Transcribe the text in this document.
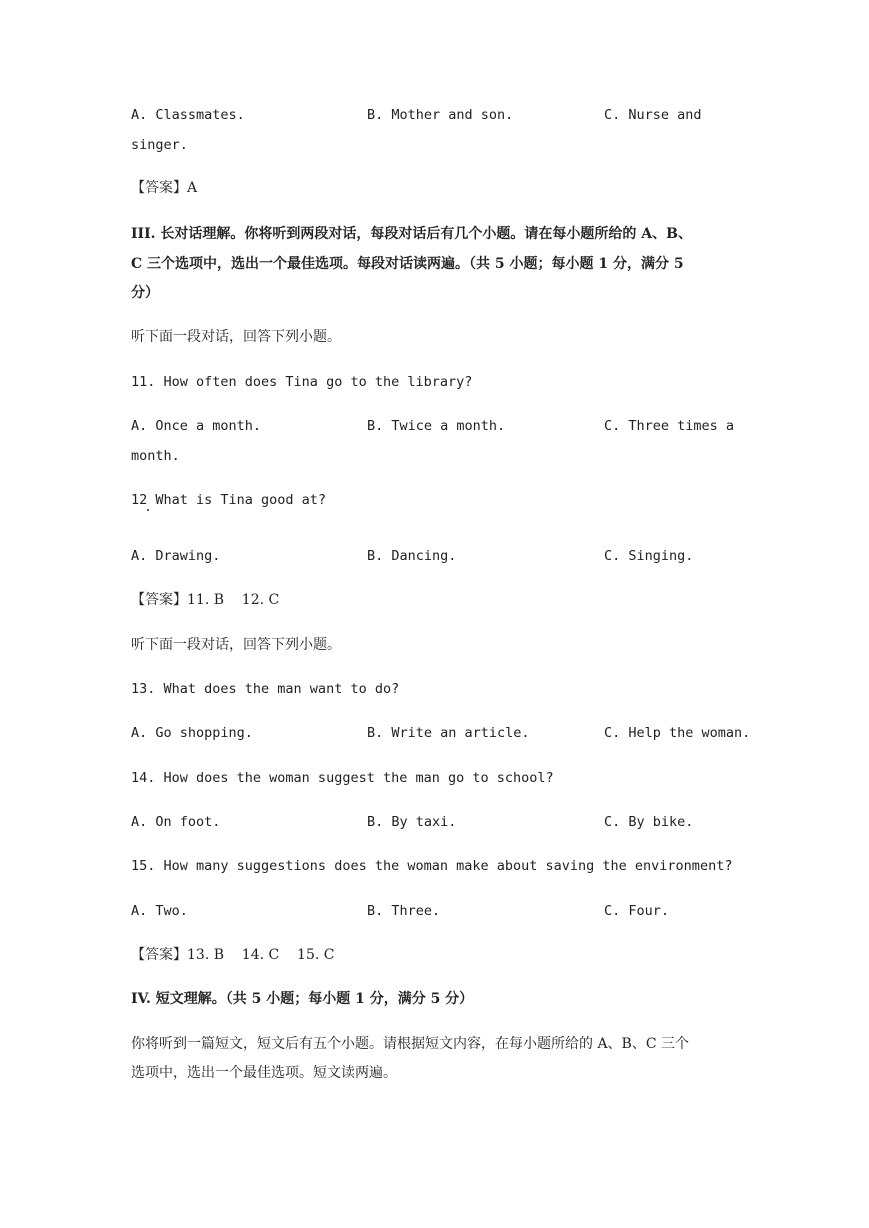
A. Classmates.	B. Mother and son.	C. Nurse and
singer.
【答案】A
III. 长对话理解。你将听到两段对话，每段对话后有几个小题。请在每小题所给的 A、B、
C 三个选项中，选出一个最佳选项。每段对话读两遍。（共 5 小题；每小题 1 分，满分 5
分）
听下面一段对话，回答下列小题。
11. How often does Tina go to the library?
A. Once a month.	B. Twice a month.	C. Three times a
month.
12 What is Tina good at?
A. Drawing.	B. Dancing.	C. Singing.
【答案】11. B    12. C
听下面一段对话，回答下列小题。
13. What does the man want to do?
A. Go shopping.	B. Write an article.	C. Help the woman.
14. How does the woman suggest the man go to school?
A. On foot.	B. By taxi.	C. By bike.
15. How many suggestions does the woman make about saving the environment?
A. Two.	B. Three.	C. Four.
【答案】13. B    14. C    15. C
IV. 短文理解。（共 5 小题；每小题 1 分，满分 5 分）
你将听到一篇短文，短文后有五个小题。请根据短文内容，在每小题所给的 A、B、C 三个
选项中，选出一个最佳选项。短文读两遍。
